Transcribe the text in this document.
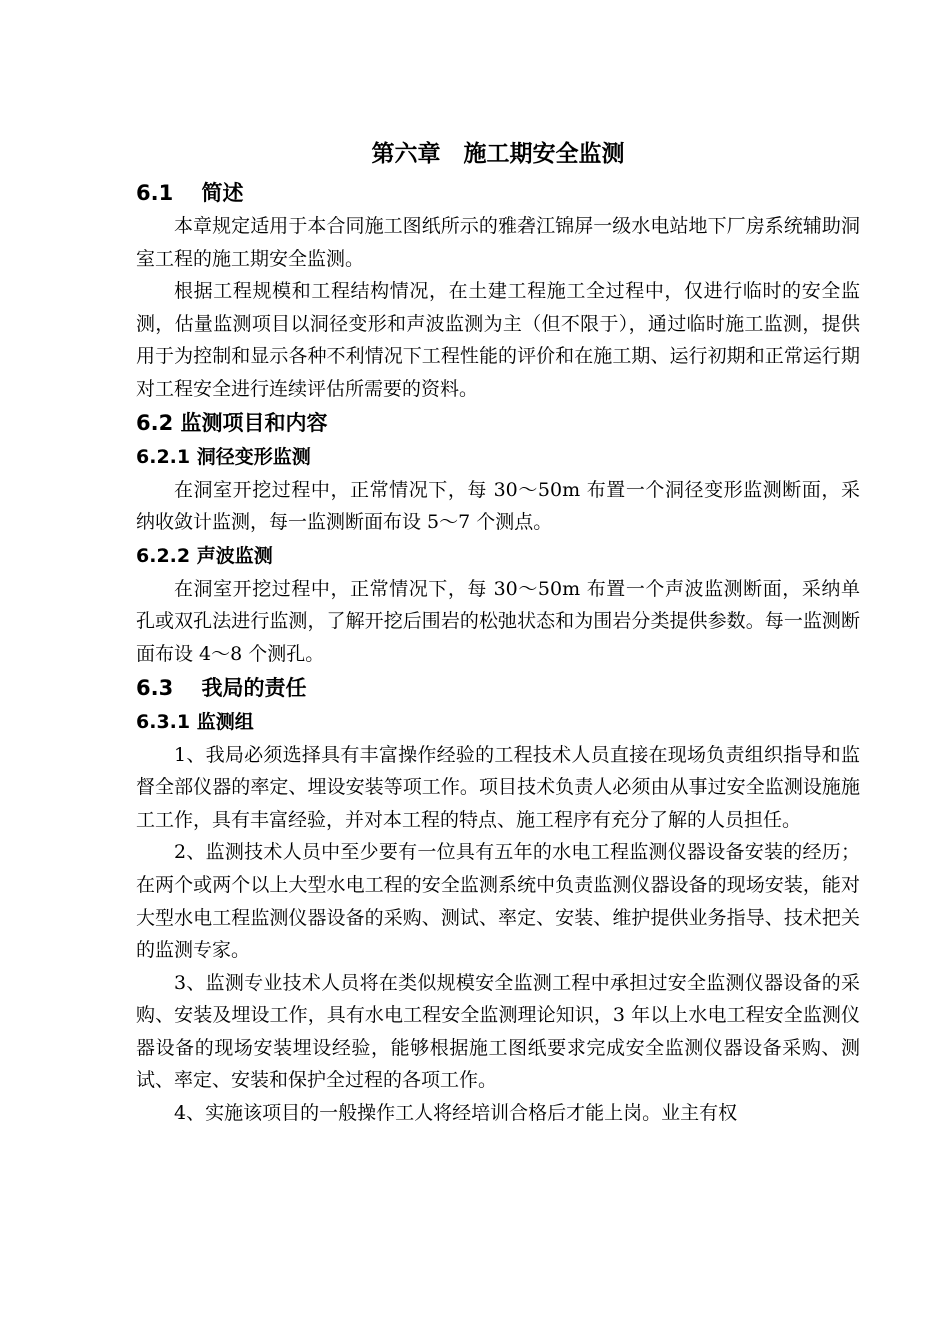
第六章　施工期安全监测
6.1　 简述

本章规定适用于本合同施工图纸所示的雅砻江锦屏一级水电站地下厂房系统辅助洞室工程的施工期安全监测。

根据工程规模和工程结构情况，在土建工程施工全过程中，仅进行临时的安全监测，估量监测项目以洞径变形和声波监测为主（但不限于），通过临时施工监测，提供用于为控制和显示各种不利情况下工程性能的评价和在施工期、运行初期和正常运行期对工程安全进行连续评估所需要的资料。

6.2 监测项目和内容
6.2.1 洞径变形监测

在洞室开挖过程中，正常情况下，每 30～50m 布置一个洞径变形监测断面，采纳收敛计监测，每一监测断面布设 5～7 个测点。

6.2.2 声波监测

在洞室开挖过程中，正常情况下，每 30～50m 布置一个声波监测断面，采纳单孔或双孔法进行监测，了解开挖后围岩的松弛状态和为围岩分类提供参数。每一监测断面布设 4～8 个测孔。

6.3　 我局的责任
6.3.1 监测组

1、我局必须选择具有丰富操作经验的工程技术人员直接在现场负责组织指导和监督全部仪器的率定、埋设安装等项工作。项目技术负责人必须由从事过安全监测设施施工工作，具有丰富经验，并对本工程的特点、施工程序有充分了解的人员担任。

2、监测技术人员中至少要有一位具有五年的水电工程监测仪器设备安装的经历；在两个或两个以上大型水电工程的安全监测系统中负责监测仪器设备的现场安装，能对大型水电工程监测仪器设备的采购、测试、率定、安装、维护提供业务指导、技术把关的监测专家。

3、监测专业技术人员将在类似规模安全监测工程中承担过安全监测仪器设备的采购、安装及埋设工作，具有水电工程安全监测理论知识，3 年以上水电工程安全监测仪器设备的现场安装埋设经验，能够根据施工图纸要求完成安全监测仪器设备采购、测试、率定、安装和保护全过程的各项工作。

4、实施该项目的一般操作工人将经培训合格后才能上岗。业主有权
